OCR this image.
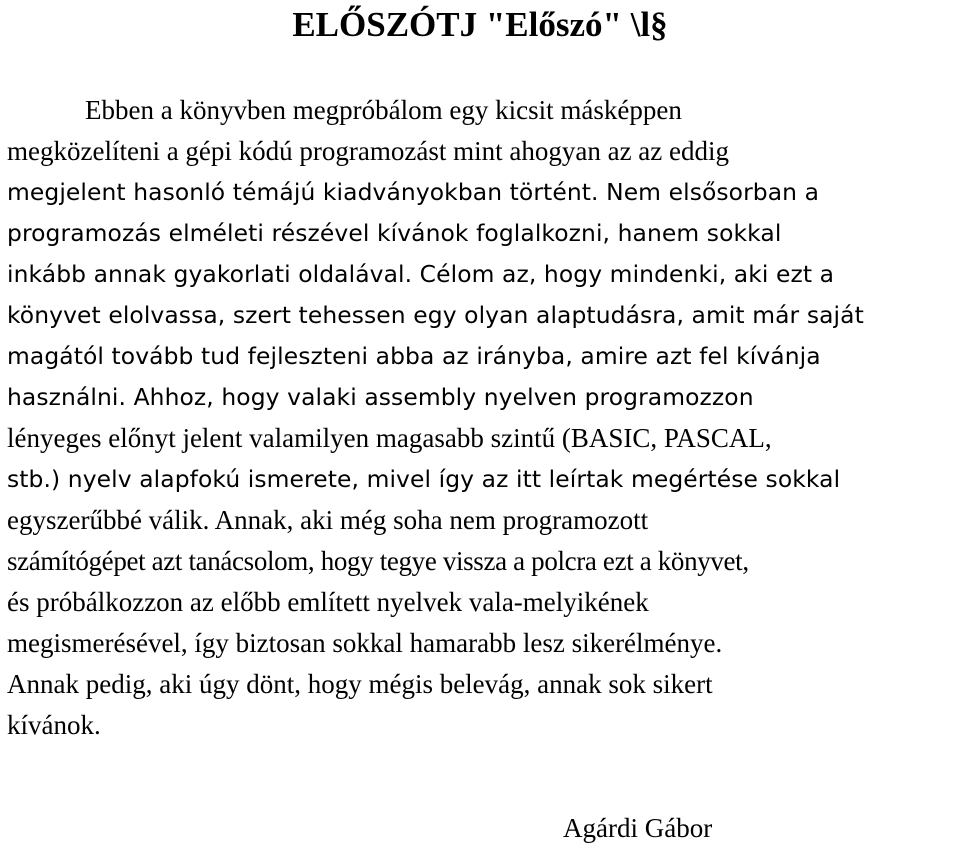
ELŐSZÓTJ "Előszó" \l§
Ebben a könyvben megpróbálom egy kicsit másképpen
megközelíteni a gépi kódú programozást mint ahogyan az az eddig
megjelent hasonló témájú kiadványokban történt. Nem elsősorban a
programozás elméleti részével kívánok foglalkozni, hanem sokkal
inkább annak gyakorlati oldalával. Célom az, hogy mindenki, aki ezt a
könyvet elolvassa, szert tehessen egy olyan alaptudásra, amit már saját
magától tovább tud fejleszteni abba az irányba, amire azt fel kívánja
használni. Ahhoz, hogy valaki assembly nyelven programozzon
lényeges előnyt jelent valamilyen magasabb szintű (BASIC, PASCAL,
stb.) nyelv alapfokú ismerete, mivel így az itt leírtak megértése sokkal
egyszerűbbé válik. Annak, aki még soha nem programozott
számítógépet azt tanácsolom, hogy tegye vissza a polcra ezt a könyvet,
és próbálkozzon az előbb említett nyelvek vala-melyikének
megismerésével, így biztosan sokkal hamarabb lesz sikerélménye.
Annak pedig, aki úgy dönt, hogy mégis belevág, annak sok sikert
kívánok.
Agárdi Gábor
